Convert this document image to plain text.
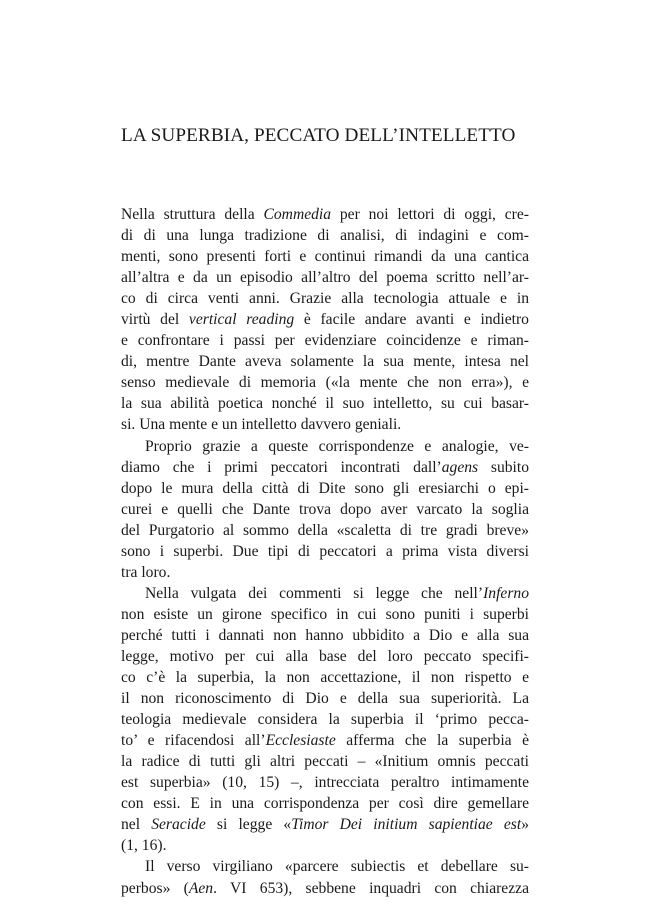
LA SUPERBIA, PECCATO DELL’INTELLETTO
Nella struttura della Commedia per noi lettori di oggi, cre-
di di una lunga tradizione di analisi, di indagini e com-
menti, sono presenti forti e continui rimandi da una cantica
all’altra e da un episodio all’altro del poema scritto nell’ar-
co di circa venti anni. Grazie alla tecnologia attuale e in
virtù del vertical reading è facile andare avanti e indietro
e confrontare i passi per evidenziare coincidenze e riman-
di, mentre Dante aveva solamente la sua mente, intesa nel
senso medievale di memoria («la mente che non erra»), e
la sua abilità poetica nonché il suo intelletto, su cui basar-
si. Una mente e un intelletto davvero geniali.
Proprio grazie a queste corrispondenze e analogie, ve-
diamo che i primi peccatori incontrati dall’agens subito
dopo le mura della città di Dite sono gli eresiarchi o epi-
curei e quelli che Dante trova dopo aver varcato la soglia
del Purgatorio al sommo della «scaletta di tre gradi breve»
sono i superbi. Due tipi di peccatori a prima vista diversi
tra loro.
Nella vulgata dei commenti si legge che nell’Inferno
non esiste un girone specifico in cui sono puniti i superbi
perché tutti i dannati non hanno ubbidito a Dio e alla sua
legge, motivo per cui alla base del loro peccato specifi-
co c’è la superbia, la non accettazione, il non rispetto e
il non riconoscimento di Dio e della sua superiorità. La
teologia medievale considera la superbia il ‘primo pecca-
to’ e rifacendosi all’Ecclesiaste afferma che la superbia è
la radice di tutti gli altri peccati – «Initium omnis peccati
est superbia» (10, 15) –, intrecciata peraltro intimamente
con essi. E in una corrispondenza per così dire gemellare
nel Seracide si legge «Timor Dei initium sapientiae est»
(1, 16).
Il verso virgiliano «parcere subiectis et debellare su-
perbos» (Aen. VI 653), sebbene inquadri con chiarezza
